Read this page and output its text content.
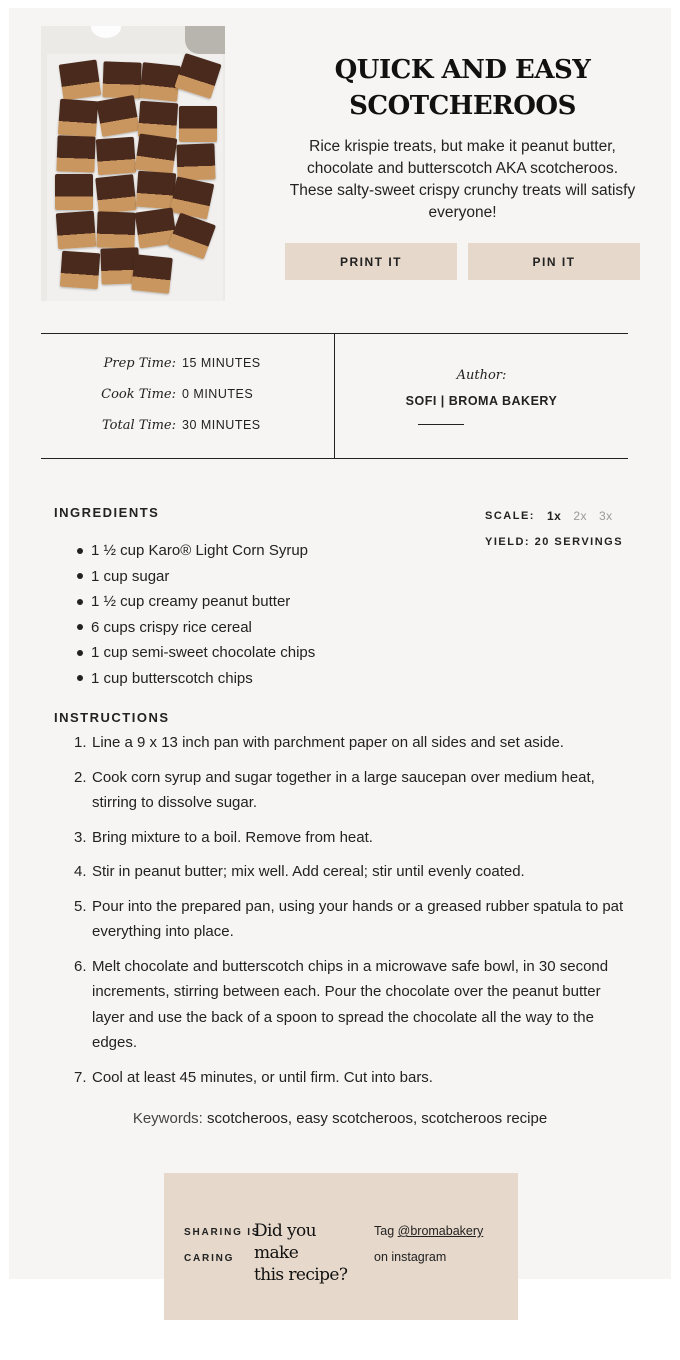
QUICK AND EASY
SCOTCHEROOS

Rice krispie treats, but make it peanut butter, chocolate and butterscotch AKA scotcheroos. These salty-sweet crispy crunchy treats will satisfy everyone!

PRINT IT	PIN IT
Prep Time: 15 MINUTES
Cook Time: 0 MINUTES
Total Time: 30 MINUTES
Author:
SOFI | BROMA BAKERY
INGREDIENTS	SCALE: 1x 2x 3x
YIELD: 20 SERVINGS
1 ½ cup Karo® Light Corn Syrup
1 cup sugar
1 ½ cup creamy peanut butter
6 cups crispy rice cereal
1 cup semi-sweet chocolate chips
1 cup butterscotch chips
INSTRUCTIONS
1. Line a 9 x 13 inch pan with parchment paper on all sides and set aside.
2. Cook corn syrup and sugar together in a large saucepan over medium heat, stirring to dissolve sugar.
3. Bring mixture to a boil. Remove from heat.
4. Stir in peanut butter; mix well. Add cereal; stir until evenly coated.
5. Pour into the prepared pan, using your hands or a greased rubber spatula to pat everything into place.
6. Melt chocolate and butterscotch chips in a microwave safe bowl, in 30 second increments, stirring between each. Pour the chocolate over the peanut butter layer and use the back of a spoon to spread the chocolate all the way to the edges.
7. Cool at least 45 minutes, or until firm. Cut into bars.
Keywords: scotcheroos, easy scotcheroos, scotcheroos recipe
SHARING IS
CARING
Did you make
this recipe?
Tag @bromabakery
on instagram
